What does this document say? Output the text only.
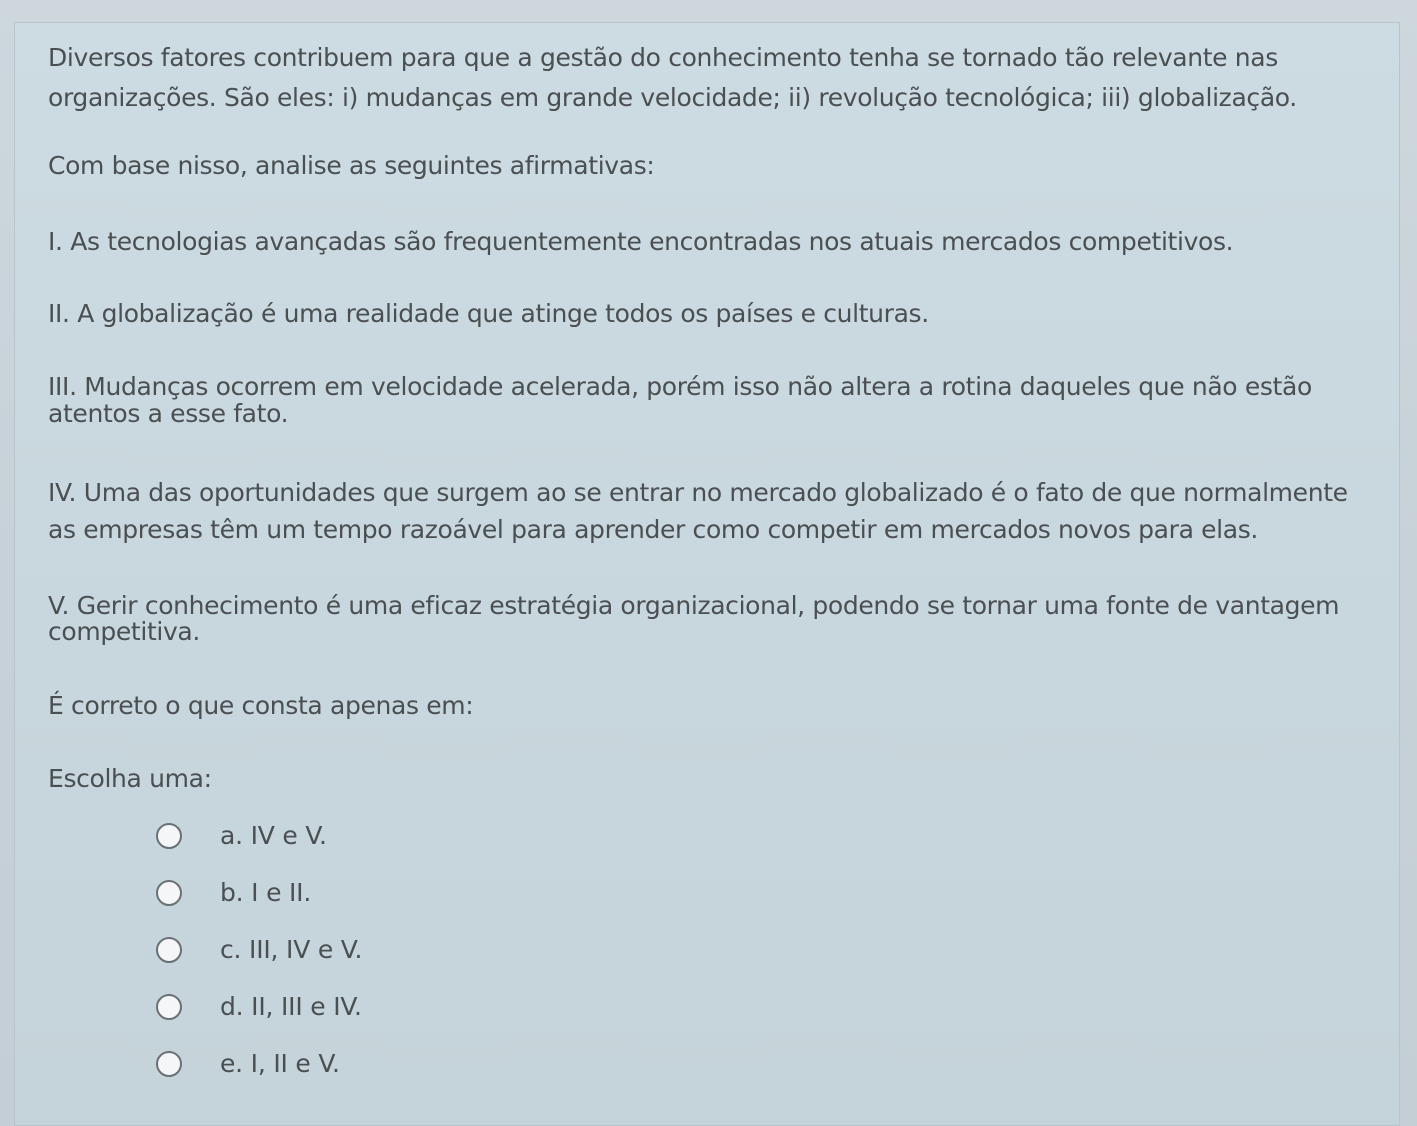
Diversos fatores contribuem para que a gestão do conhecimento tenha se tornado tão relevante nas
organizações. São eles: i) mudanças em grande velocidade; ii) revolução tecnológica; iii) globalização.
Com base nisso, analise as seguintes afirmativas:
I. As tecnologias avançadas são frequentemente encontradas nos atuais mercados competitivos.
II. A globalização é uma realidade que atinge todos os países e culturas.
III. Mudanças ocorrem em velocidade acelerada, porém isso não altera a rotina daqueles que não estão
atentos a esse fato.
IV. Uma das oportunidades que surgem ao se entrar no mercado globalizado é o fato de que normalmente
as empresas têm um tempo razoável para aprender como competir em mercados novos para elas.
V. Gerir conhecimento é uma eficaz estratégia organizacional, podendo se tornar uma fonte de vantagem
competitiva.
É correto o que consta apenas em:
Escolha uma:
a. IV e V.
b. I e II.
c. III, IV e V.
d. II, III e IV.
e. I, II e V.
